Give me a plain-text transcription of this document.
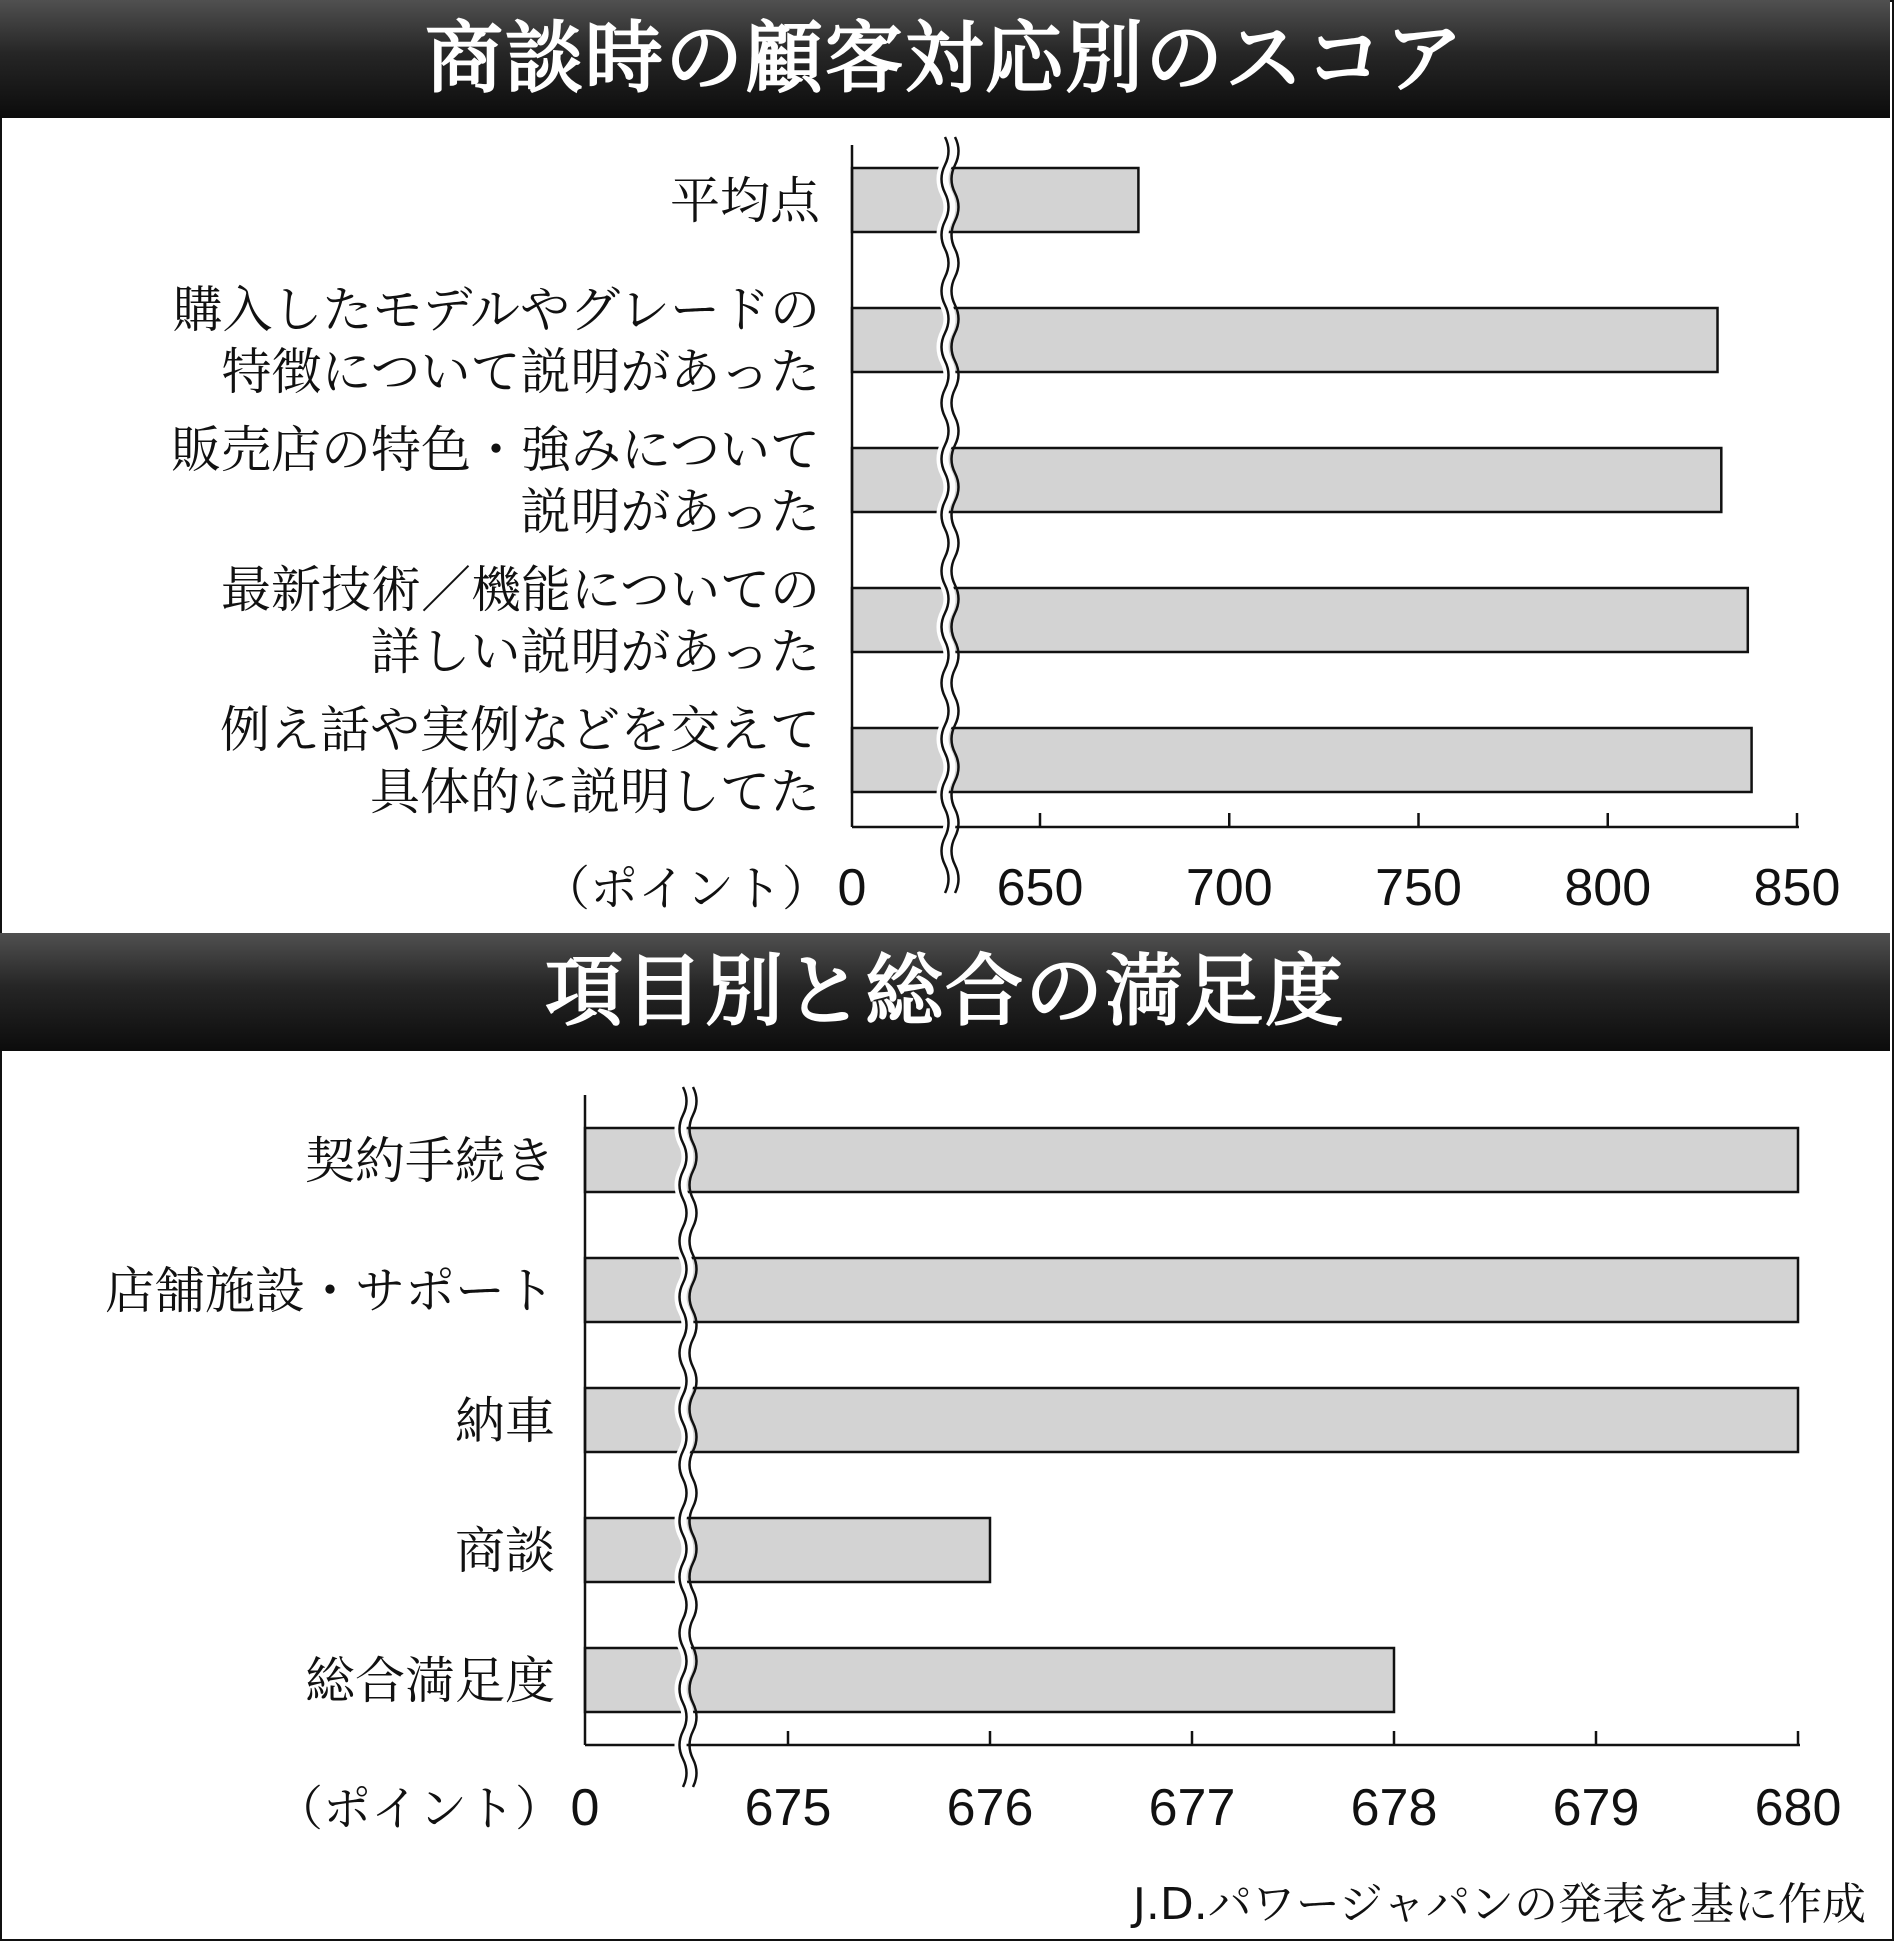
商談時の顧客対応別のスコア
0	650 700 750 800 850
（ポイント）
平均点
購入したモデルやグレードの
特徴について説明があった
販売店の特色・強みについて
説明があった
最新技術／機能についての
詳しい説明があった
例え話や実例などを交えて
具体的に説明してた
項目別と総合の満足度
0	675 676 677 678 679 680
（ポイント）
契約手続き
店舗施設・サポート
納車
商談
総合満足度
J.D.パワージャパンの発表を基に作成
